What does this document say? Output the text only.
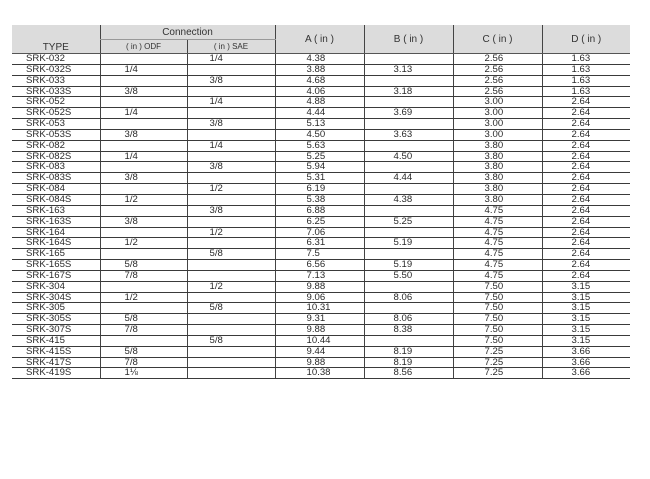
TYPE	Connection		A ( in )	B ( in )	C ( in )	D ( in )
	( in ) ODF	( in ) SAE				
SRK-032		1/4	4.38		2.56	1.63
SRK-032S	1/4		3.88	3.13	2.56	1.63
SRK-033		3/8	4.68		2.56	1.63
SRK-033S	3/8		4.06	3.18	2.56	1.63
SRK-052		1/4	4.88		3.00	2.64
SRK-052S	1/4		4.44	3.69	3.00	2.64
SRK-053		3/8	5.13		3.00	2.64
SRK-053S	3/8		4.50	3.63	3.00	2.64
SRK-082		1/4	5.63		3.80	2.64
SRK-082S	1/4		5.25	4.50	3.80	2.64
SRK-083		3/8	5.94		3.80	2.64
SRK-083S	3/8		5.31	4.44	3.80	2.64
SRK-084		1/2	6.19		3.80	2.64
SRK-084S	1/2		5.38	4.38	3.80	2.64
SRK-163		3/8	6.88		4.75	2.64
SRK-163S	3/8		6.25	5.25	4.75	2.64
SRK-164		1/2	7.06		4.75	2.64
SRK-164S	1/2		6.31	5.19	4.75	2.64
SRK-165		5/8	7.5		4.75	2.64
SRK-165S	5/8		6.56	5.19	4.75	2.64
SRK-167S	7/8		7.13	5.50	4.75	2.64
SRK-304		1/2	9.88		7.50	3.15
SRK-304S	1/2		9.06	8.06	7.50	3.15
SRK-305		5/8	10.31		7.50	3.15
SRK-305S	5/8		9.31	8.06	7.50	3.15
SRK-307S	7/8		9.88	8.38	7.50	3.15
SRK-415		5/8	10.44		7.50	3.15
SRK-415S	5/8		9.44	8.19	7.25	3.66
SRK-417S	7/8		9.88	8.19	7.25	3.66
SRK-419S	1⅛		10.38	8.56	7.25	3.66
